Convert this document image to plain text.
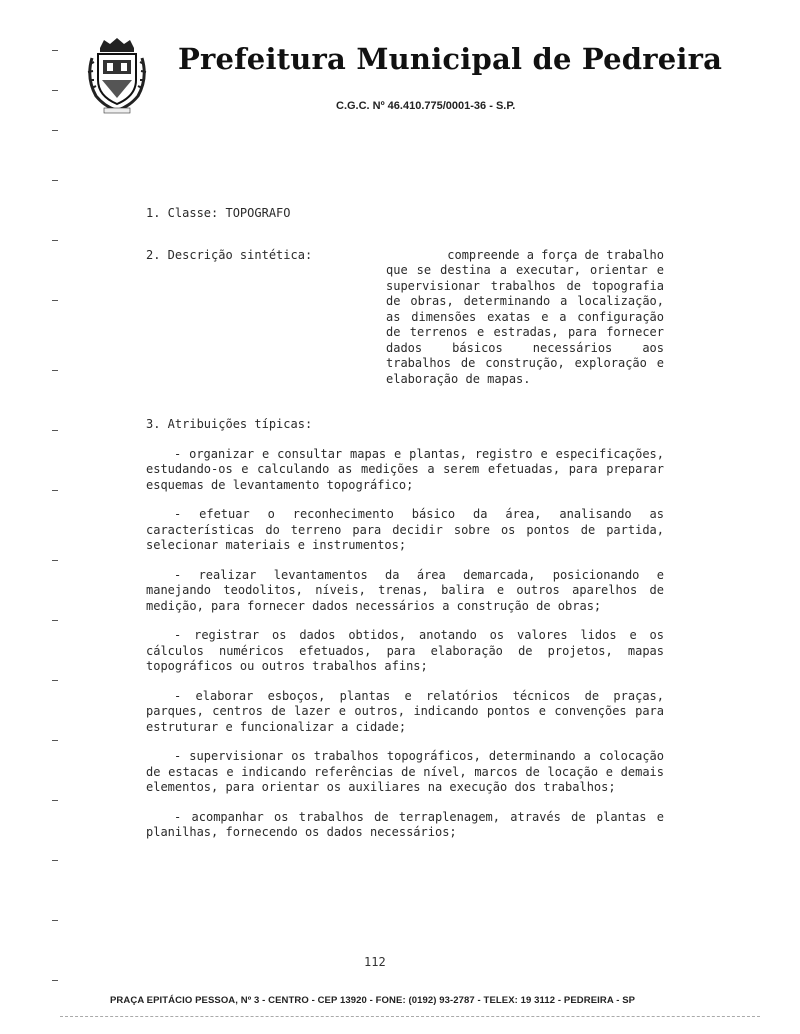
Prefeitura Municipal de Pedreira
C.G.C. Nº 46.410.775/0001-36 - S.P.

1. Classe: TOPOGRAFO

2. Descrição sintética:	compreende a força de trabalho

que se destina a executar, orientar e supervisionar trabalhos de topografia de obras, determinando a localização, as dimensões exatas e a configuração de terrenos e estradas, para fornecer dados básicos necessários aos trabalhos de construção, exploração e elaboração de mapas.

3. Atribuições típicas:

- organizar e consultar mapas e plantas, registro e especificações, estudando-os e calculando as medições a serem efetuadas, para preparar esquemas de levantamento topográfico;

- efetuar o reconhecimento básico da área, analisando as características do terreno para decidir sobre os pontos de partida, selecionar materiais e instrumentos;

- realizar levantamentos da área demarcada, posicionando e manejando teodolitos, níveis, trenas, balira e outros aparelhos de medição, para fornecer dados necessários a construção de obras;

- registrar os dados obtidos, anotando os valores lidos e os cálculos numéricos efetuados, para elaboração de projetos, mapas topográficos ou outros trabalhos afins;

- elaborar esboços, plantas e relatórios técnicos de praças, parques, centros de lazer e outros, indicando pontos e convenções para estruturar e funcionalizar a cidade;

- supervisionar os trabalhos topográficos, determinando a colocação de estacas e indicando referências de nível, marcos de locação e demais elementos, para orientar os auxiliares na execução dos trabalhos;

- acompanhar os trabalhos de terraplenagem, através de plantas e planilhas, fornecendo os dados necessários;

112
PRAÇA EPITÁCIO PESSOA, Nº 3 - CENTRO - CEP 13920 - FONE: (0192) 93-2787 - TELEX: 19 3112 - PEDREIRA - SP
